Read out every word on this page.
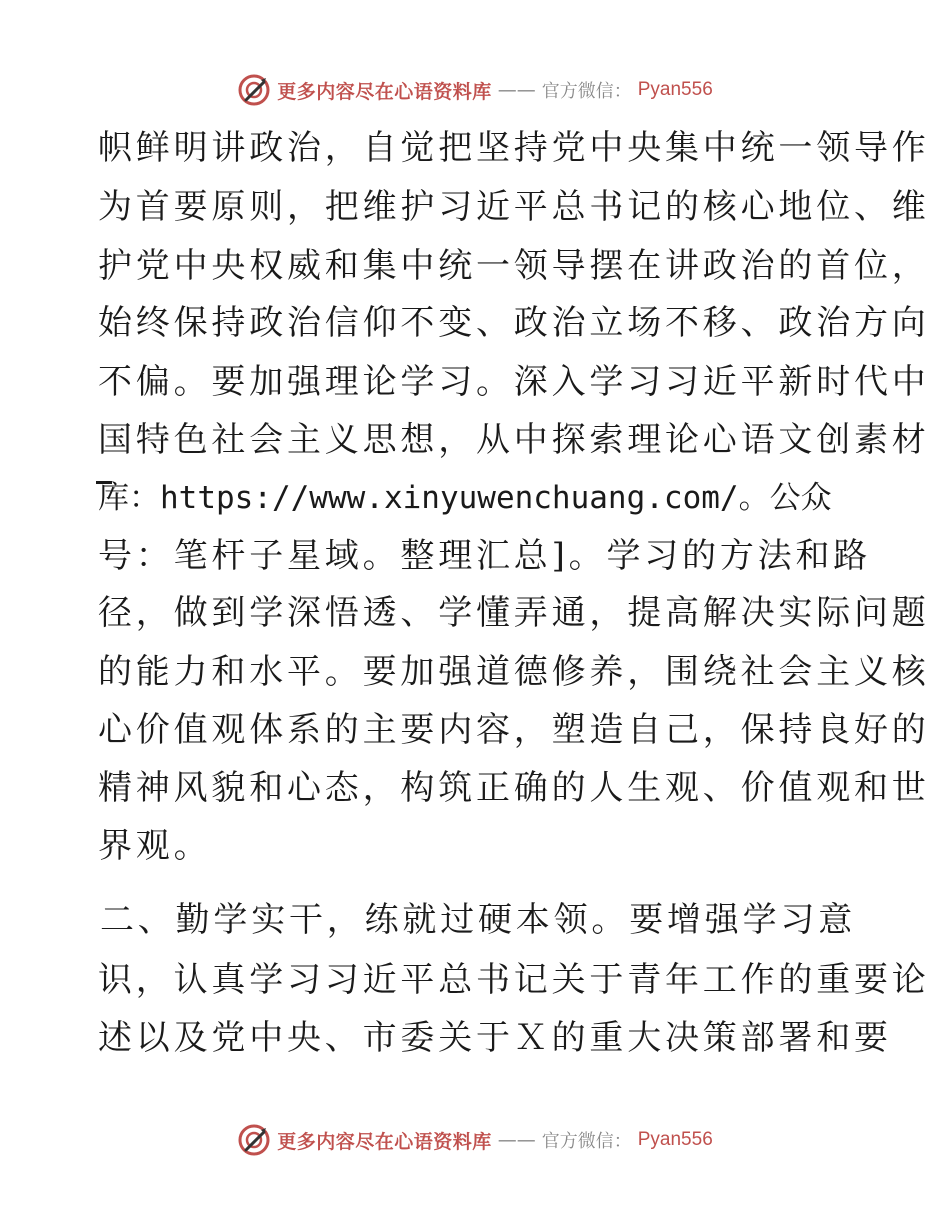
更多内容尽在心语资料库 —— 官方微信： Pyan556
帜鲜明讲政治，自觉把坚持党中央集中统一领导作
为首要原则，把维护习近平总书记的核心地位、维
护党中央权威和集中统一领导摆在讲政治的首位，
始终保持政治信仰不变、政治立场不移、政治方向
不偏。要加强理论学习。深入学习习近平新时代中
国特色社会主义思想，从中探索理论心语文创素材
库：https://www.xinyuwenchuang.com/。公众
号：笔杆子星域。整理汇总]。学习的方法和路
径，做到学深悟透、学懂弄通，提高解决实际问题
的能力和水平。要加强道德修养，围绕社会主义核
心价值观体系的主要内容，塑造自己，保持良好的
精神风貌和心态，构筑正确的人生观、价值观和世
界观。
二、勤学实干，练就过硬本领。要增强学习意
识，认真学习习近平总书记关于青年工作的重要论
述以及党中央、市委关于Ｘ的重大决策部署和要
更多内容尽在心语资料库 —— 官方微信： Pyan556
